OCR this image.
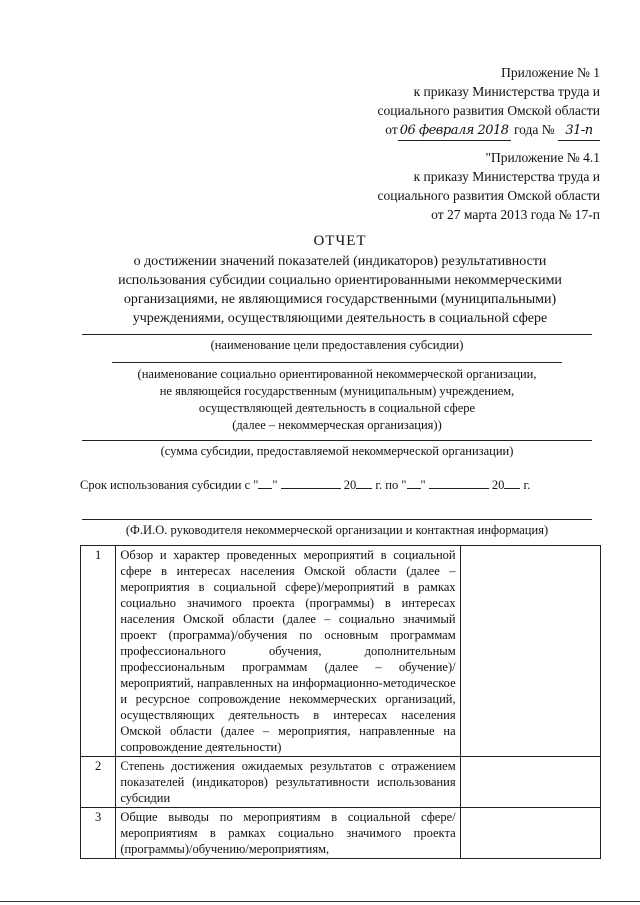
Приложение № 1
к приказу Министерства труда и
социального развития Омской области
от 06 февраля 2018 года № 31-п
"Приложение № 4.1
к приказу Министерства труда и
социального развития Омской области
от 27 марта 2013 года № 17-п
ОТЧЕТ
о достижении значений показателей (индикаторов) результативности
использования субсидии социально ориентированными некоммерческими
организациями, не являющимися государственными (муниципальными)
учреждениями, осуществляющими деятельность в социальной сфере
(наименование цели предоставления субсидии)
(наименование социально ориентированной некоммерческой организации,
не являющейся государственным (муниципальным) учреждением,
осуществляющей деятельность в социальной сфере
(далее – некоммерческая организация))
(сумма субсидии, предоставляемой некоммерческой организации)
Срок использования субсидии с " "	20 г. по " "	20 г.
(Ф.И.О. руководителя некоммерческой организации и контактная информация)
1	Обзор и характер проведенных мероприятий в социальной сфере в интересах населения Омской области (далее – мероприятия в социальной сфере)/мероприятий в рамках социально значимого проекта (программы) в интересах населения Омской области (далее – социально значимый проект (программа)/обучения по основным программам профессионального обучения, дополнительным профессиональным программам (далее – обучение)/мероприятий, направленных на информационно-методическое и ресурсное сопровождение некоммерческих организаций, осуществляющих деятельность в интересах населения Омской области (далее – мероприятия, направленные на сопровождение деятельности)	
2	Степень достижения ожидаемых результатов с отражением показателей (индикаторов) результативности использования субсидии	
3	Общие выводы по мероприятиям в социальной сфере/мероприятиям в рамках социально значимого проекта (программы)/обучению/мероприятиям,	
